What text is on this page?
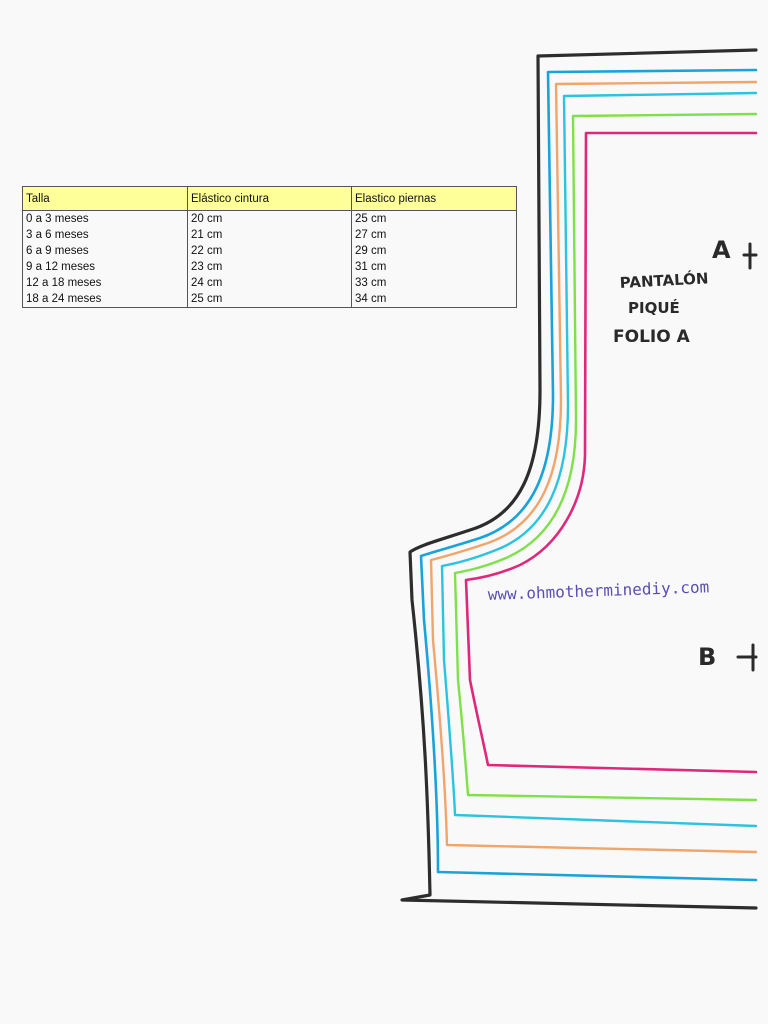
Talla	Elástico cintura	Elastico piernas
0 a 3 meses	20 cm	25 cm
3 a 6 meses	21 cm	27 cm
6 a 9 meses	22 cm	29 cm
9 a 12 meses	23 cm	31 cm
12 a 18 meses	24 cm	33 cm
18 a 24 meses	25 cm	34 cm
A
B
PANTALÓN
PIQUÉ
FOLIO A
www.ohmotherminediy.com
